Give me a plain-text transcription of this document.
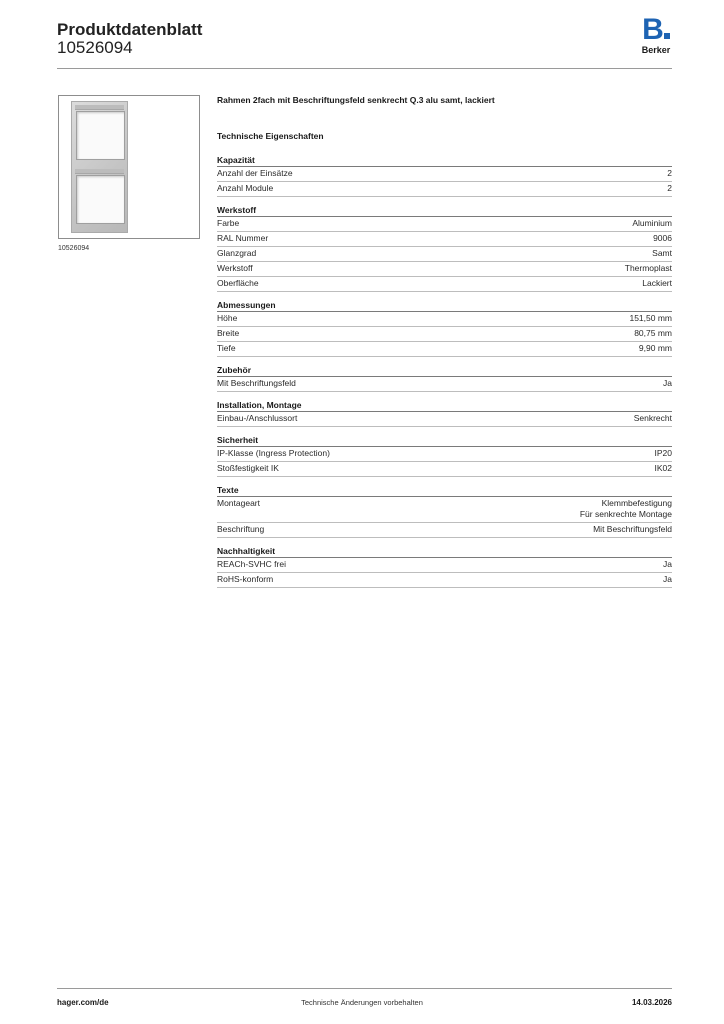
Produktdatenblatt
10526094
B
Berker
10526094
Rahmen 2fach mit Beschriftungsfeld senkrecht Q.3 alu samt, lackiert
Technische Eigenschaften
Kapazität
Anzahl der Einsätze	2
Anzahl Module	2
Werkstoff
Farbe	Aluminium
RAL Nummer	9006
Glanzgrad	Samt
Werkstoff	Thermoplast
Oberfläche	Lackiert
Abmessungen
Höhe	151,50 mm
Breite	80,75 mm
Tiefe	9,90 mm
Zubehör
Mit Beschriftungsfeld	Ja
Installation, Montage
Einbau-/Anschlussort	Senkrecht
Sicherheit
IP-Klasse (Ingress Protection)	IP20
Stoßfestigkeit IK	IK02
Texte
Montageart	Klemmbefestigung
Für senkrechte Montage
Beschriftung	Mit Beschriftungsfeld
Nachhaltigkeit
REACh-SVHC frei	Ja
RoHS-konform	Ja
hager.com/de	Technische Änderungen vorbehalten	14.03.2026
